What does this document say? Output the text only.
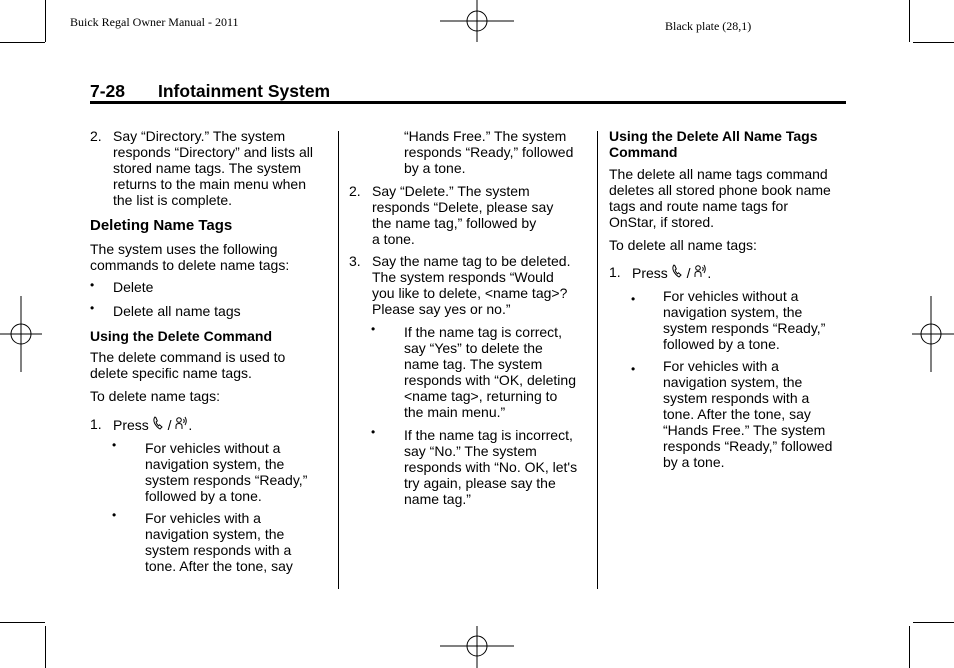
Buick Regal Owner Manual - 2011	Black plate (28,1)
7-28 Infotainment System
2. Say “Directory.” The system

responds “Directory” and lists all

stored name tags. The system

returns to the main menu when

the list is complete.

Deleting Name Tags

The system uses the following

commands to delete name tags:

• Delete
• Delete all name tags
Using the Delete Command

The delete command is used to

delete specific name tags.

To delete name tags:
1. Press / .
• For vehicles without a

navigation system, the

system responds “Ready,”

followed by a tone.

• For vehicles with a

navigation system, the

system responds with a

tone. After the tone, say

“Hands Free.” The system

responds “Ready,” followed

by a tone.

2. Say “Delete.” The system

responds “Delete, please say

the name tag,” followed by

a tone.

3. Say the name tag to be deleted.

The system responds “Would

you like to delete, <name tag>?

Please say yes or no.”

• If the name tag is correct,

say “Yes” to delete the

name tag. The system

responds with “OK, deleting

<name tag>, returning to

the main menu.”

• If the name tag is incorrect,

say “No.” The system

responds with “No. OK, let's

try again, please say the

name tag.”

Using the Delete All Name Tags

Command

The delete all name tags command

deletes all stored phone book name

tags and route name tags for

OnStar, if stored.

To delete all name tags:
1. Press / .
• For vehicles without a

navigation system, the

system responds “Ready,”

followed by a tone.

• For vehicles with a

navigation system, the

system responds with a

tone. After the tone, say

“Hands Free.” The system

responds “Ready,” followed

by a tone.
